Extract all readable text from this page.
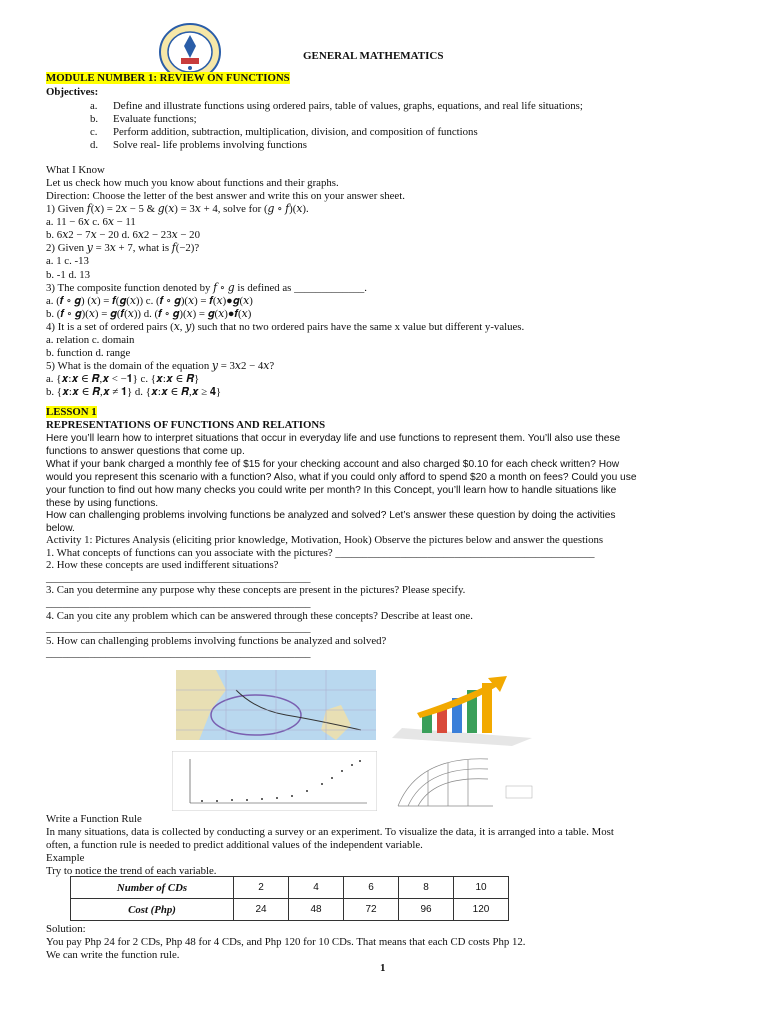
GENERAL MATHEMATICS
MODULE NUMBER 1: REVIEW ON FUNCTIONS
Objectives:
a. Define and illustrate functions using ordered pairs, table of values, graphs, equations, and real life situations;
b. Evaluate functions;
c. Perform addition, subtraction, multiplication, division, and composition of functions
d. Solve real- life problems involving functions
What I Know
Let us check how much you know about functions and their graphs.
Direction: Choose the letter of the best answer and write this on your answer sheet.
1) Given 𝑓(𝑥) = 2𝑥 − 5 & 𝑔(𝑥) = 3𝑥 + 4, solve for (𝑔 ∘ 𝑓)(𝑥).
a. 11 − 6𝑥 c. 6𝑥 − 11
b. 6𝑥2 − 7𝑥 − 20 d. 6𝑥2 − 23𝑥 − 20
2) Given 𝑦 = 3𝑥 + 7, what is 𝑓(−2)?
a. 1 c. -13
b. -1 d. 13
3) The composite function denoted by 𝑓 ∘ 𝑔 is defined as _____________.
a. (𝒇 ∘ 𝒈) (𝑥) = 𝒇(𝒈(𝑥)) c. (𝒇 ∘ 𝒈)(𝑥) = 𝒇(𝑥)●𝒈(𝑥)
b. (𝒇 ∘ 𝒈)(𝑥) = 𝒈(𝒇(𝑥)) d. (𝒇 ∘ 𝒈)(𝑥) = 𝒈(𝑥)●𝒇(𝑥)
4) It is a set of ordered pairs (𝑥, 𝑦) such that no two ordered pairs have the same x value but different y-values.
a. relation c. domain
b. function d. range
5) What is the domain of the equation 𝑦 = 3𝑥2 − 4𝑥?
a. {𝒙:𝒙 ∈ 𝑹,𝒙 < −𝟏} c. {𝒙:𝒙 ∈ 𝑹}
b. {𝒙:𝒙 ∈ 𝑹,𝒙 ≠ 𝟏} d. {𝒙:𝒙 ∈ 𝑹,𝒙 ≥ 𝟒}
LESSON 1
REPRESENTATIONS OF FUNCTIONS AND RELATIONS
Here you’ll learn how to interpret situations that occur in everyday life and use functions to represent them. You’ll also use these
functions to answer questions that come up.
What if your bank charged a monthly fee of $15 for your checking account and also charged $0.10 for each check written? How
would you represent this scenario with a function? Also, what if you could only afford to spend $20 a month on fees? Could you use
your function to find out how many checks you could write per month? In this Concept, you’ll learn how to handle situations like
these by using functions.
How can challenging problems involving functions be analyzed and solved? Let’s answer these question by doing the activities
below.
Activity 1: Pictures Analysis (eliciting prior knowledge, Motivation, Hook) Observe the pictures below and answer the questions
1. What concepts of functions can you associate with the pictures? ________________________________________________
2. How these concepts are used indifferent situations?
_________________________________________________
3. Can you determine any purpose why these concepts are present in the pictures? Please specify.
_________________________________________________
4. Can you cite any problem which can be answered through these concepts? Describe at least one.
_________________________________________________
5. How can challenging problems involving functions be analyzed and solved?
_________________________________________________
Write a Function Rule
In many situations, data is collected by conducting a survey or an experiment. To visualize the data, it is arranged into a table. Most
often, a function rule is needed to predict additional values of the independent variable.
Example
Try to notice the trend of each variable.
Number of CDs	2	4	6	8	10
Cost (Php)	24	48	72	96	120
Solution:
You pay Php 24 for 2 CDs, Php 48 for 4 CDs, and Php 120 for 10 CDs. That means that each CD costs Php 12.
We can write the function rule.
1
